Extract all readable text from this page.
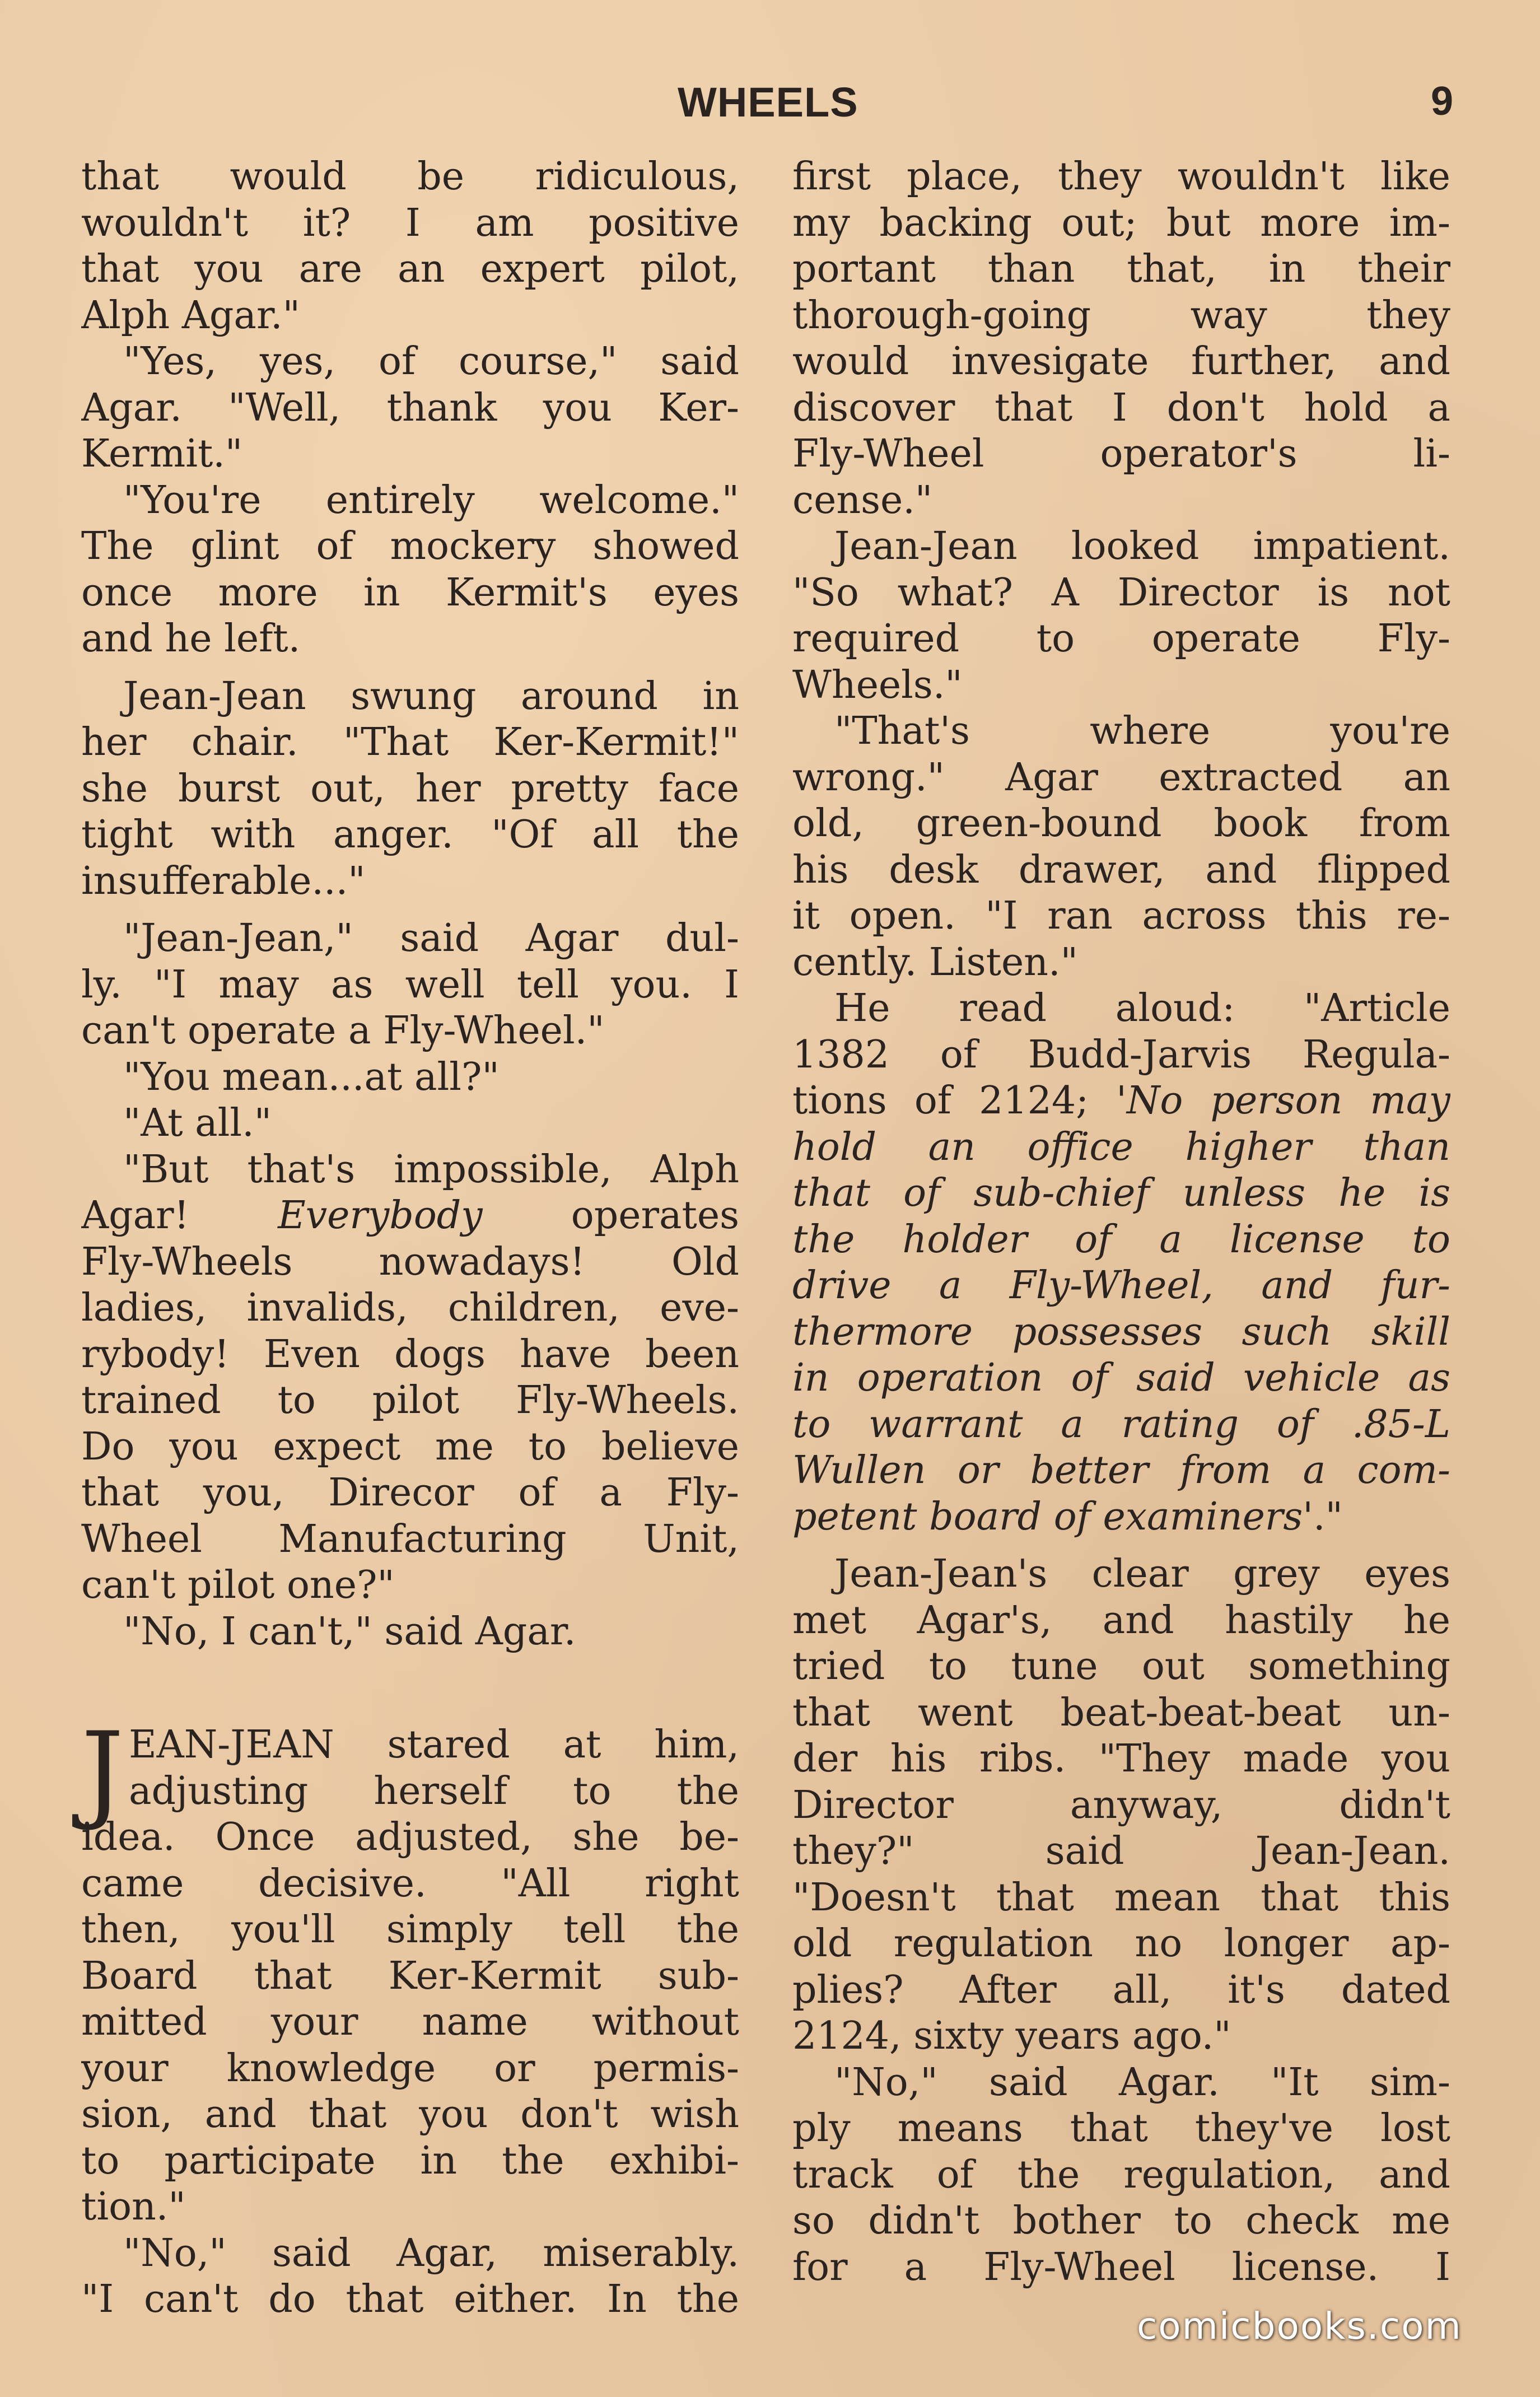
WHEELS	9
that would be ridiculous,
wouldn't it? I am positive
that you are an expert pilot,
Alph Agar."
"Yes, yes, of course," said
Agar. "Well, thank you Ker-
Kermit."
"You're entirely welcome."
The glint of mockery showed
once more in Kermit's eyes
and he left.
Jean-Jean swung around in
her chair. "That Ker-Kermit!"
she burst out, her pretty face
tight with anger. "Of all the
insufferable..."
"Jean-Jean," said Agar dul-
ly. "I may as well tell you. I
can't operate a Fly-Wheel."
"You mean...at all?"
"At all."
"But that's impossible, Alph
Agar! Everybody operates
Fly-Wheels nowadays! Old
ladies, invalids, children, eve-
rybody! Even dogs have been
trained to pilot Fly-Wheels.
Do you expect me to believe
that you, Direcor of a Fly-
Wheel Manufacturing Unit,
can't pilot one?"
"No, I can't," said Agar.
J EAN-JEAN stared at him,
adjusting herself to the
idea. Once adjusted, she be-
came decisive. "All right
then, you'll simply tell the
Board that Ker-Kermit sub-
mitted your name without
your knowledge or permis-
sion, and that you don't wish
to participate in the exhibi-
tion."
"No," said Agar, miserably.
"I can't do that either. In the
first place, they wouldn't like
my backing out; but more im-
portant than that, in their
thorough-going way they
would invesigate further, and
discover that I don't hold a
Fly-Wheel operator's li-
cense."
Jean-Jean looked impatient.
"So what? A Director is not
required to operate Fly-
Wheels."
"That's where you're
wrong." Agar extracted an
old, green-bound book from
his desk drawer, and flipped
it open. "I ran across this re-
cently. Listen."
He read aloud: "Article
1382 of Budd-Jarvis Regula-
tions of 2124; 'No person may
hold an office higher than
that of sub-chief unless he is
the holder of a license to
drive a Fly-Wheel, and fur-
thermore possesses such skill
in operation of said vehicle as
to warrant a rating of .85-L
Wullen or better from a com-
petent board of examiners'."
Jean-Jean's clear grey eyes
met Agar's, and hastily he
tried to tune out something
that went beat-beat-beat un-
der his ribs. "They made you
Director anyway, didn't
they?" said Jean-Jean.
"Doesn't that mean that this
old regulation no longer ap-
plies? After all, it's dated
2124, sixty years ago."
"No," said Agar. "It sim-
ply means that they've lost
track of the regulation, and
so didn't bother to check me
for a Fly-Wheel license. I
comicbooks.com
